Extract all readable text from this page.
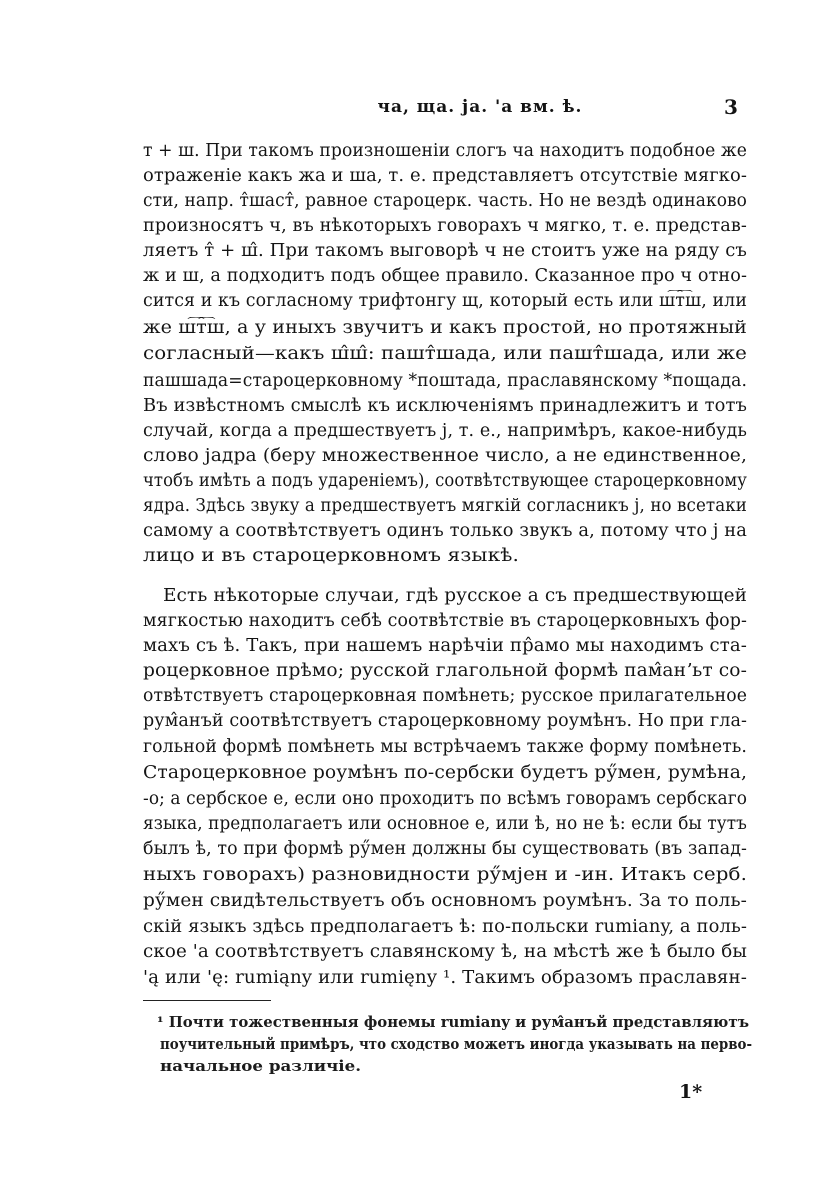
ча, ща. ја. 'а вм. ѣ.	3
т + ш. При такомъ произношенiи слогъ ча находитъ подобное же
отраженiе какъ жа и ша, т. е. представляетъ отсутствiе мягко-
сти, напр. т̂шаст̂, равное староцерк. часть. Но не вездѣ одинаково
произносятъ ч, въ нѣкоторыхъ говорахъ ч мягко, т. е. представ-
ляетъ т̂ + ш̂. При такомъ выговорѣ ч не стоитъ уже на ряду съ
ж и ш, а подходитъ подъ общее правило. Сказанное про ч отно-
сится и къ согласному трифтонгу щ, который есть или ш͡т͡ш, или
же ш͡т͡ш, а у иныхъ звучитъ и какъ простой, но протяжный
согласный—какъ ш̂ш̂: пашт̂шада, или пашт̂шада, или же
пашшада=староцерковному *поштада, праславянскому *пощада.
Въ извѣстномъ смыслѣ къ исключенiямъ принадлежитъ и тотъ
случай, когда а предшествуетъ j, т. е., напримѣръ, какое-нибудь
слово jадра (беру множественное число, а не единственное,
чтобъ имѣть а подъ ударенiемъ), соотвѣтствующее староцерковному
ядра. Здѣсь звуку а предшествуетъ мягкiй согласникъ j, но всетаки
самому а соотвѣтствуетъ одинъ только звукъ а, потому что j на
лицо и въ староцерковномъ языкѣ.
Есть нѣкоторые случаи, гдѣ русское а съ предшествующей
мягкостью находитъ себѣ соотвѣтствiе въ староцерковныхъ фор-
махъ съ ѣ. Такъ, при нашемъ нарѣчiи пр̂амо мы находимъ ста-
роцерковное прѣмо; русской глагольной формѣ пам̂анʼьт со-
отвѣтствуетъ староцерковная помѣнеть; русское прилагательное
рум̂анъй соотвѣтствуетъ староцерковному роумѣнъ. Но при гла-
гольной формѣ помѣнеть мы встрѣчаемъ также форму помѣнеть.
Староцерковное роумѣнъ по-сербски будетъ рӳмен, румѣна,
-о; а сербское е, если оно проходитъ по всѣмъ говорамъ сербскаго
языка, предполагаетъ или основное е, или ѣ, но не ѣ: если бы тутъ
былъ ѣ, то при формѣ рӳмен должны бы существовать (въ запад-
ныхъ говорахъ) разновидности рӳмjен и -ин. Итакъ серб.
рӳмен свидѣтельствуетъ объ основномъ роумѣнъ. За то поль-
скiй языкъ здѣсь предполагаетъ ѣ: по-польски rumiany, а поль-
ское 'а соотвѣтствуетъ славянскому ѣ, на мѣстѣ же ѣ было бы
'ą или 'ę: rumiąny или rumięny ¹. Такимъ образомъ праславян-
¹ Почти тожественныя фонемы rumiany и рум̂анъй представляютъ
поучительный примѣръ, что сходство можетъ иногда указывать на перво-
начальное различiе.
1*
